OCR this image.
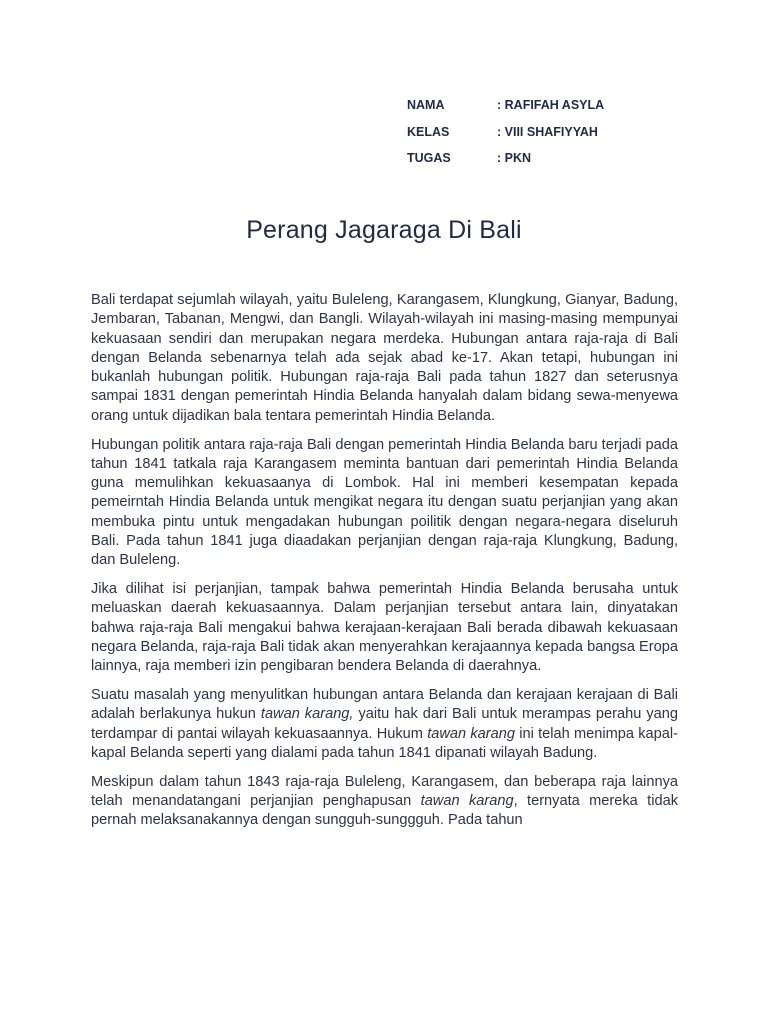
NAMA	: RAFIFAH ASYLA
KELAS	: VIII SHAFIYYAH
TUGAS	: PKN
Perang Jagaraga Di Bali

Bali terdapat sejumlah wilayah, yaitu Buleleng, Karangasem, Klungkung, Gianyar, Badung, Jembaran, Tabanan, Mengwi, dan Bangli. Wilayah-wilayah ini masing-masing mempunyai kekuasaan sendiri dan merupakan negara merdeka. Hubungan antara raja-raja di Bali dengan Belanda sebenarnya telah ada sejak abad ke-17. Akan tetapi, hubungan ini bukanlah hubungan politik. Hubungan raja-raja Bali pada tahun 1827 dan seterusnya sampai 1831 dengan pemerintah Hindia Belanda hanyalah dalam bidang sewa-menyewa orang untuk dijadikan bala tentara pemerintah Hindia Belanda.

Hubungan politik antara raja-raja Bali dengan pemerintah Hindia Belanda baru terjadi pada tahun 1841 tatkala raja Karangasem meminta bantuan dari pemerintah Hindia Belanda guna memulihkan kekuasaanya di Lombok. Hal ini memberi kesempatan kepada pemeirntah Hindia Belanda untuk mengikat negara itu dengan suatu perjanjian yang akan membuka pintu untuk mengadakan hubungan poilitik dengan negara-negara diseluruh Bali. Pada tahun 1841 juga diaadakan perjanjian dengan raja-raja Klungkung, Badung, dan Buleleng.

Jika dilihat isi perjanjian, tampak bahwa pemerintah Hindia Belanda berusaha untuk meluaskan daerah kekuasaannya. Dalam perjanjian tersebut antara lain, dinyatakan bahwa raja-raja Bali mengakui bahwa kerajaan-kerajaan Bali berada dibawah kekuasaan negara Belanda, raja-raja Bali tidak akan menyerahkan kerajaannya kepada bangsa Eropa lainnya, raja memberi izin pengibaran bendera Belanda di daerahnya.

Suatu masalah yang menyulitkan hubungan antara Belanda dan kerajaan kerajaan di Bali adalah berlakunya hukun tawan karang, yaitu hak dari Bali untuk merampas perahu yang terdampar di pantai wilayah kekuasaannya. Hukum tawan karang ini telah menimpa kapal-kapal Belanda seperti yang dialami pada tahun 1841 dipanati wilayah Badung.

Meskipun dalam tahun 1843 raja-raja Buleleng, Karangasem, dan beberapa raja lainnya telah menandatangani perjanjian penghapusan tawan karang, ternyata mereka tidak pernah melaksanakannya dengan sungguh-sunggguh. Pada tahun
